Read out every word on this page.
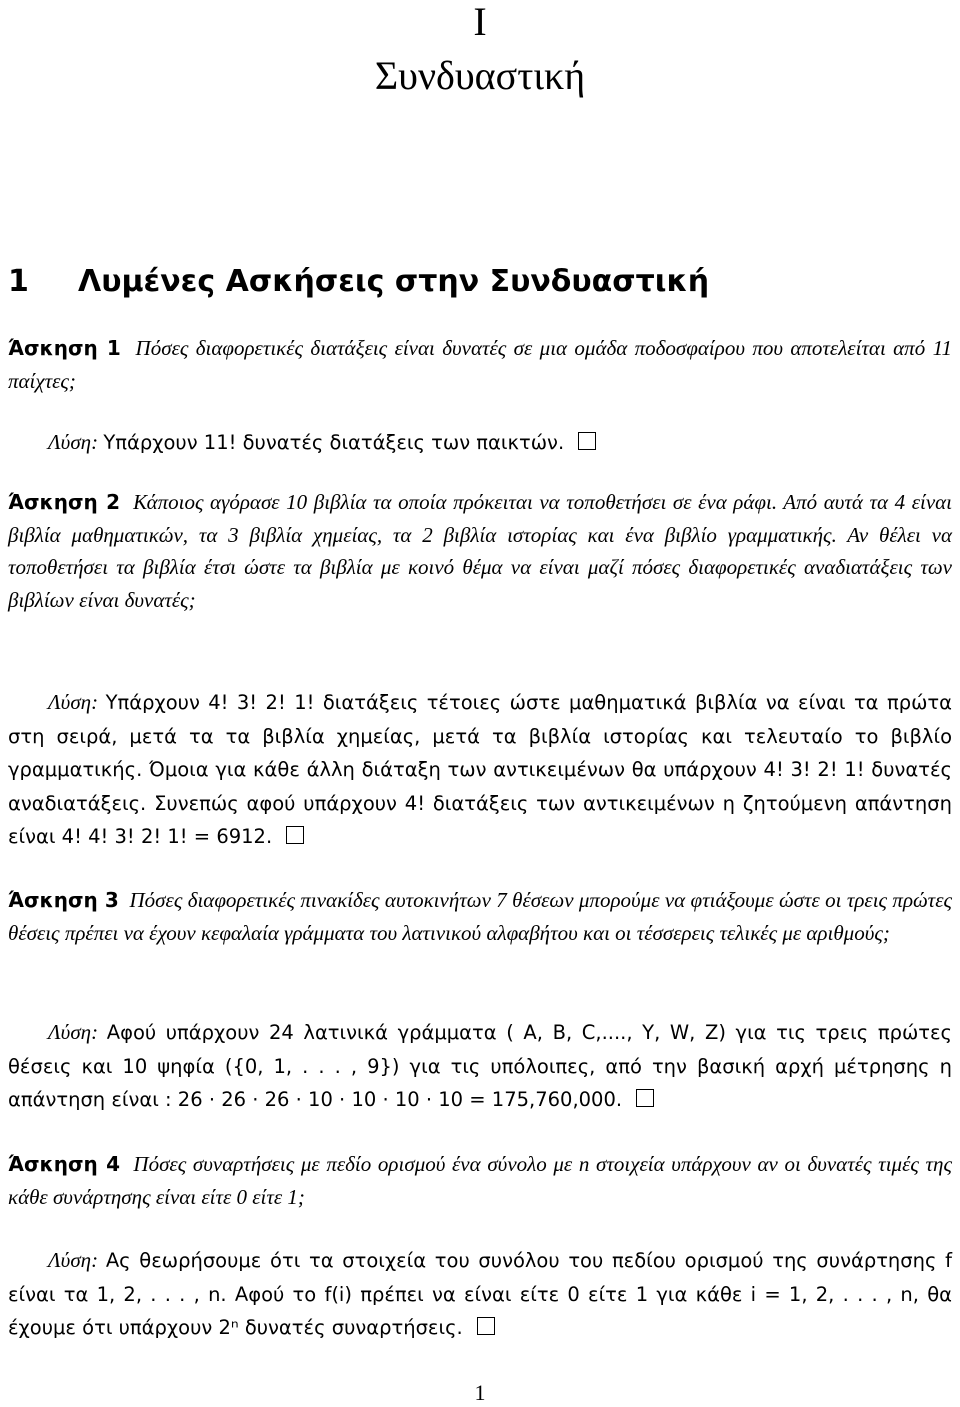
I
Συνδυαστική
1 Λυμένες Ασκήσεις στην Συνδυαστική
Άσκηση 1 Πόσες διαφορετικές διατάξεις είναι δυνατές σε μια ομάδα ποδοσφαίρου που αποτελείται από 11 παίχτες;
Λύση: Υπάρχουν 11! δυνατές διατάξεις των παικτών.
Άσκηση 2 Κάποιος αγόρασε 10 βιβλία τα οποία πρόκειται να τοποθετήσει σε ένα ράφι. Από αυτά τα 4 είναι βιβλία μαθηματικών, τα 3 βιβλία χημείας, τα 2 βιβλία ιστορίας και ένα βιβλίο γραμματικής. Αν θέλει να τοποθετήσει τα βιβλία έτσι ώστε τα βιβλία με κοινό θέμα να είναι μαζί πόσες διαφορετικές αναδιατάξεις των βιβλίων είναι δυνατές;
Λύση: Υπάρχουν 4! 3! 2! 1! διατάξεις τέτοιες ώστε μαθηματικά βιβλία να είναι τα πρώτα στη σειρά, μετά τα τα βιβλία χημείας, μετά τα βιβλία ιστορίας και τελευταίο το βιβλίο γραμματικής. Όμοια για κάθε άλλη διάταξη των αντικειμένων θα υπάρχουν 4! 3! 2! 1! δυνατές αναδιατάξεις. Συνεπώς αφού υπάρχουν 4! διατάξεις των αντικειμένων η ζητούμενη απάντηση είναι 4! 4! 3! 2! 1! = 6912.
Άσκηση 3 Πόσες διαφορετικές πινακίδες αυτοκινήτων 7 θέσεων μπορούμε να φτιάξουμε ώστε οι τρεις πρώτες θέσεις πρέπει να έχουν κεφαλαία γράμματα του λατινικού αλφαβήτου και οι τέσσερεις τελικές με αριθμούς;
Λύση: Αφού υπάρχουν 24 λατινικά γράμματα ( A, B, C,...., Y, W, Z) για τις τρεις πρώτες θέσεις και 10 ψηφία ({0, 1, . . . , 9}) για τις υπόλοιπες, από την βασική αρχή μέτρησης η απάντηση είναι : 26 · 26 · 26 · 10 · 10 · 10 · 10 = 175,760,000.
Άσκηση 4 Πόσες συναρτήσεις με πεδίο ορισμού ένα σύνολο με n στοιχεία υπάρχουν αν οι δυνατές τιμές της κάθε συνάρτησης είναι είτε 0 είτε 1;
Λύση: Ας θεωρήσουμε ότι τα στοιχεία του συνόλου του πεδίου ορισμού της συνάρτησης f είναι τα 1, 2, . . . , n. Αφού το f(i) πρέπει να είναι είτε 0 είτε 1 για κάθε i = 1, 2, . . . , n, θα έχουμε ότι υπάρχουν 2ⁿ δυνατές συναρτήσεις.
1
